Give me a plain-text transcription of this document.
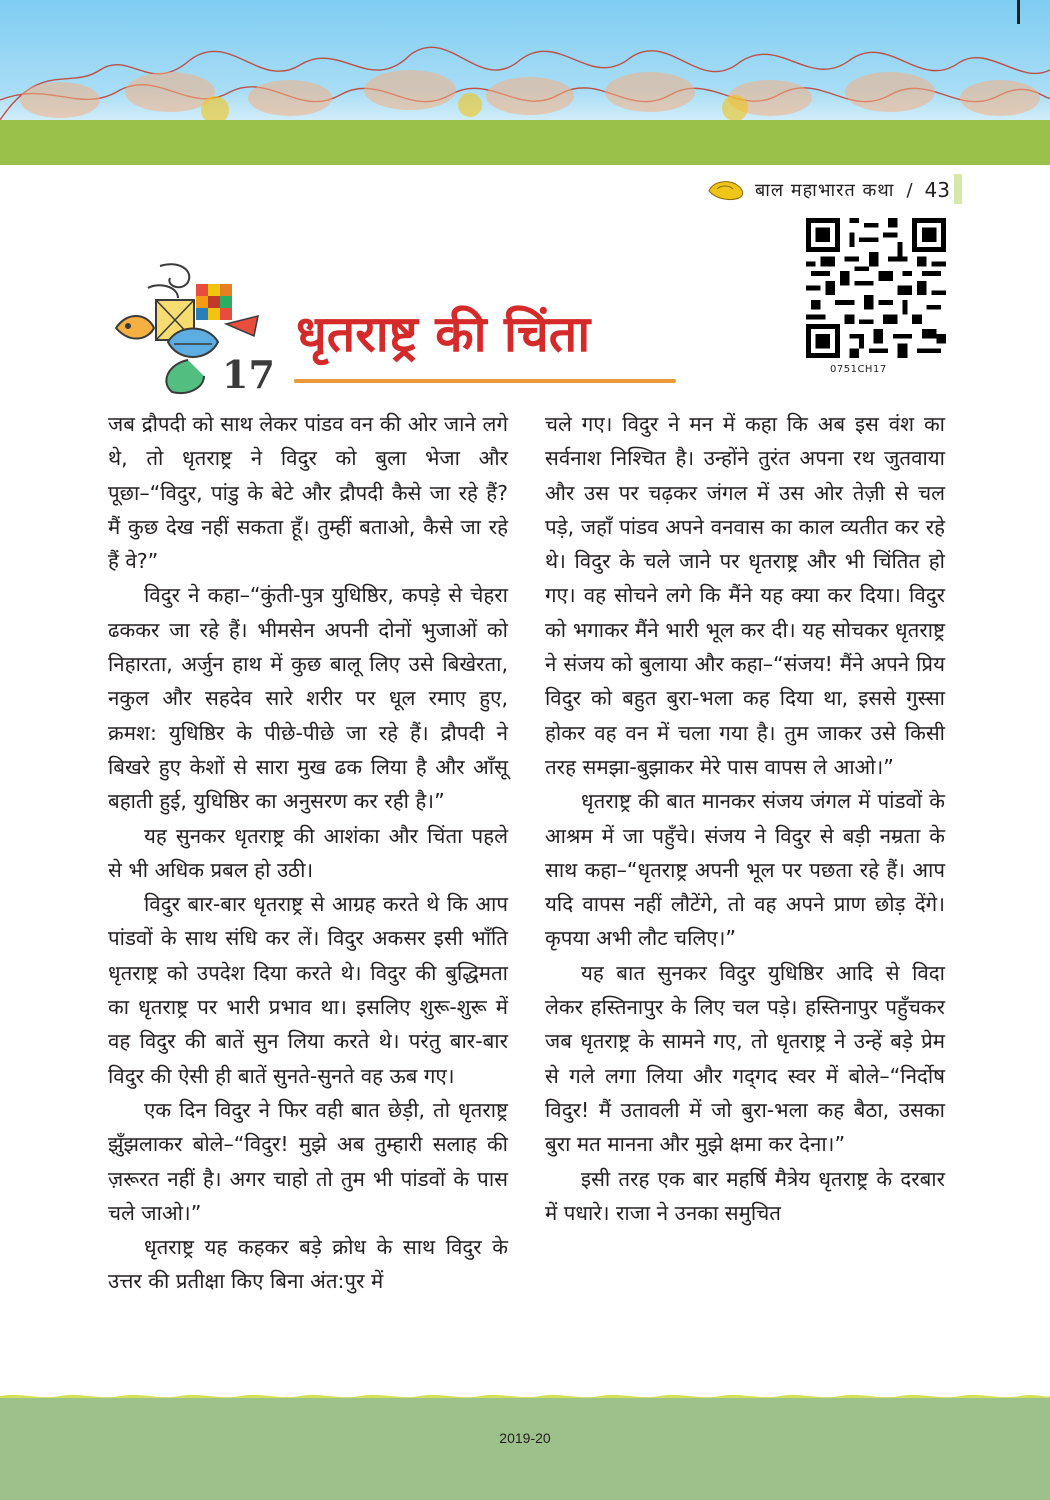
बाल महाभारत कथा / 43
0751CH17
17
धृतराष्ट्र की चिंता

जब द्रौपदी को साथ लेकर पांडव वन की ओर जाने लगे थे, तो धृतराष्ट्र ने विदुर को बुला भेजा और पूछा–“विदुर, पांडु के बेटे और द्रौपदी कैसे जा रहे हैं? मैं कुछ देख नहीं सकता हूँ। तुम्हीं बताओ, कैसे जा रहे हैं वे?”

विदुर ने कहा–“कुंती-पुत्र युधिष्ठिर, कपड़े से चेहरा ढककर जा रहे हैं। भीमसेन अपनी दोनों भुजाओं को निहारता, अर्जुन हाथ में कुछ बालू लिए उसे बिखेरता, नकुल और सहदेव सारे शरीर पर धूल रमाए हुए, क्रमश: युधिष्ठिर के पीछे-पीछे जा रहे हैं। द्रौपदी ने बिखरे हुए केशों से सारा मुख ढक लिया है और आँसू बहाती हुई, युधिष्ठिर का अनुसरण कर रही है।”

यह सुनकर धृतराष्ट्र की आशंका और चिंता पहले से भी अधिक प्रबल हो उठी।

विदुर बार-बार धृतराष्ट्र से आग्रह करते थे कि आप पांडवों के साथ संधि कर लें। विदुर अकसर इसी भाँति धृतराष्ट्र को उपदेश दिया करते थे। विदुर की बुद्धिमता का धृतराष्ट्र पर भारी प्रभाव था। इसलिए शुरू-शुरू में वह विदुर की बातें सुन लिया करते थे। परंतु बार-बार विदुर की ऐसी ही बातें सुनते-सुनते वह ऊब गए।

एक दिन विदुर ने फिर वही बात छेड़ी, तो धृतराष्ट्र झुँझलाकर बोले–“विदुर! मुझे अब तुम्हारी सलाह की ज़रूरत नहीं है। अगर चाहो तो तुम भी पांडवों के पास चले जाओ।”

धृतराष्ट्र यह कहकर बड़े क्रोध के साथ विदुर के उत्तर की प्रतीक्षा किए बिना अंत:पुर में

चले गए। विदुर ने मन में कहा कि अब इस वंश का सर्वनाश निश्चित है। उन्होंने तुरंत अपना रथ जुतवाया और उस पर चढ़कर जंगल में उस ओर तेज़ी से चल पड़े, जहाँ पांडव अपने वनवास का काल व्यतीत कर रहे थे। विदुर के चले जाने पर धृतराष्ट्र और भी चिंतित हो गए। वह सोचने लगे कि मैंने यह क्या कर दिया। विदुर को भगाकर मैंने भारी भूल कर दी। यह सोचकर धृतराष्ट्र ने संजय को बुलाया और कहा–“संजय! मैंने अपने प्रिय विदुर को बहुत बुरा-भला कह दिया था, इससे गुस्सा होकर वह वन में चला गया है। तुम जाकर उसे किसी तरह समझा-बुझाकर मेरे पास वापस ले आओ।”

धृतराष्ट्र की बात मानकर संजय जंगल में पांडवों के आश्रम में जा पहुँचे। संजय ने विदुर से बड़ी नम्रता के साथ कहा–“धृतराष्ट्र अपनी भूल पर पछता रहे हैं। आप यदि वापस नहीं लौटेंगे, तो वह अपने प्राण छोड़ देंगे। कृपया अभी लौट चलिए।”

यह बात सुनकर विदुर युधिष्ठिर आदि से विदा लेकर हस्तिनापुर के लिए चल पड़े। हस्तिनापुर पहुँचकर जब धृतराष्ट्र के सामने गए, तो धृतराष्ट्र ने उन्हें बड़े प्रेम से गले लगा लिया और गद्‌गद स्वर में बोले–“निर्दोष विदुर! मैं उतावली में जो बुरा-भला कह बैठा, उसका बुरा मत मानना और मुझे क्षमा कर देना।”

इसी तरह एक बार महर्षि मैत्रेय धृतराष्ट्र के दरबार में पधारे। राजा ने उनका समुचित

2019-20
